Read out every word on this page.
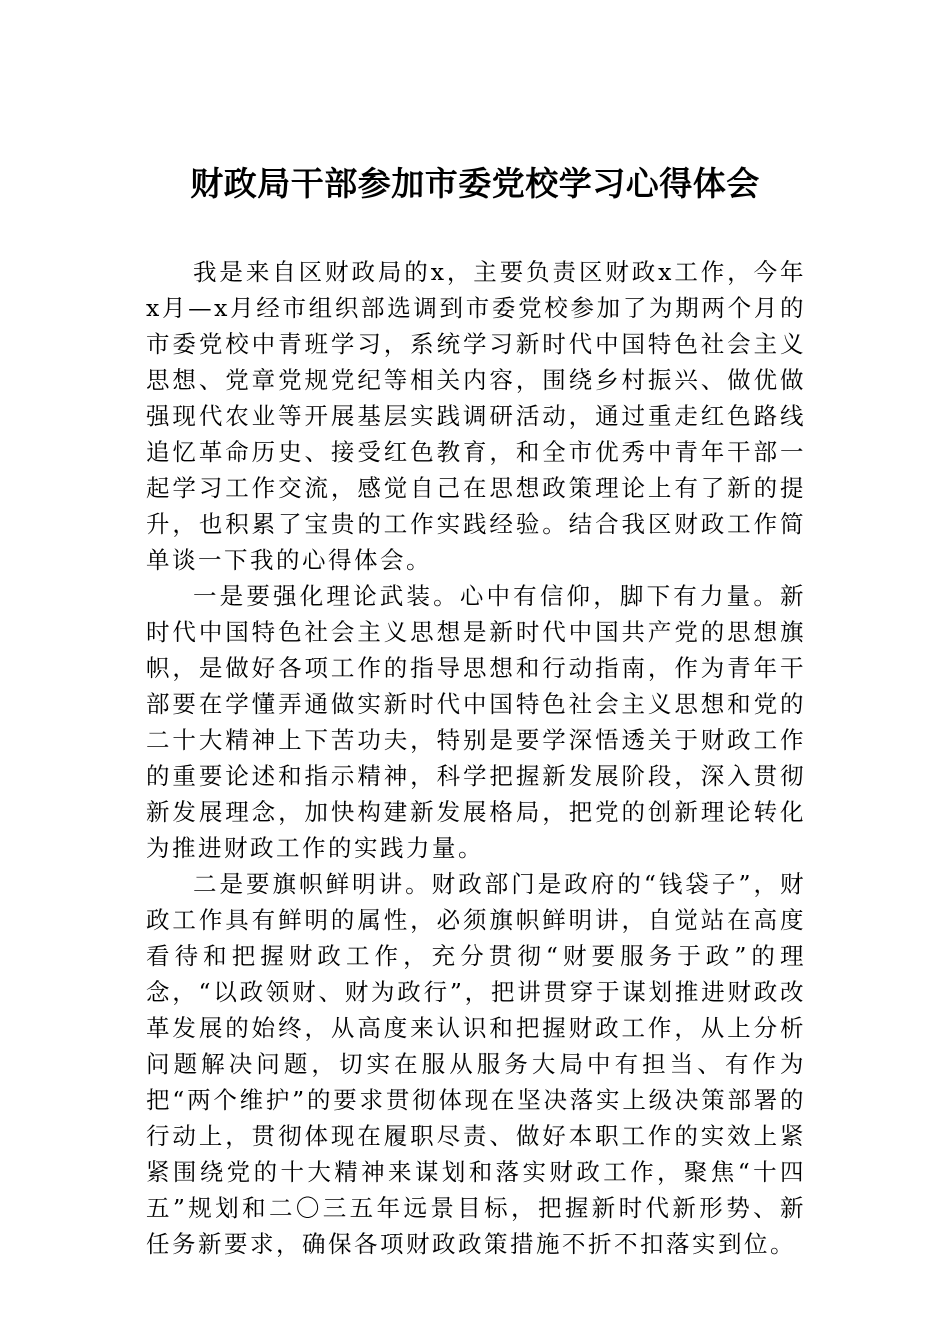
财政局干部参加市委党校学习心得体会

我是来自区财政局的x，主要负责区财政x工作，今年x月—x月经市组织部选调到市委党校参加了为期两个月的市委党校中青班学习，系统学习新时代中国特色社会主义思想、党章党规党纪等相关内容，围绕乡村振兴、做优做强现代农业等开展基层实践调研活动，通过重走红色路线追忆革命历史、接受红色教育，和全市优秀中青年干部一起学习工作交流，感觉自己在思想政策理论上有了新的提升，也积累了宝贵的工作实践经验。结合我区财政工作简单谈一下我的心得体会。

一是要强化理论武装。心中有信仰，脚下有力量。新时代中国特色社会主义思想是新时代中国共产党的思想旗帜，是做好各项工作的指导思想和行动指南，作为青年干部要在学懂弄通做实新时代中国特色社会主义思想和党的二十大精神上下苦功夫，特别是要学深悟透关于财政工作的重要论述和指示精神，科学把握新发展阶段，深入贯彻新发展理念，加快构建新发展格局，把党的创新理论转化为推进财政工作的实践力量。

二是要旗帜鲜明讲。财政部门是政府的“钱袋子”，财政工作具有鲜明的属性，必须旗帜鲜明讲，自觉站在高度看待和把握财政工作，充分贯彻“财要服务于政”的理念，“以政领财、财为政行”，把讲贯穿于谋划推进财政改革发展的始终，从高度来认识和把握财政工作，从上分析问题解决问题，切实在服从服务大局中有担当、有作为把“两个维护”的要求贯彻体现在坚决落实上级决策部署的行动上，贯彻体现在履职尽责、做好本职工作的实效上紧紧围绕党的十大精神来谋划和落实财政工作，聚焦“十四五”规划和二〇三五年远景目标，把握新时代新形势、新任务新要求，确保各项财政政策措施不折不扣落实到位。
